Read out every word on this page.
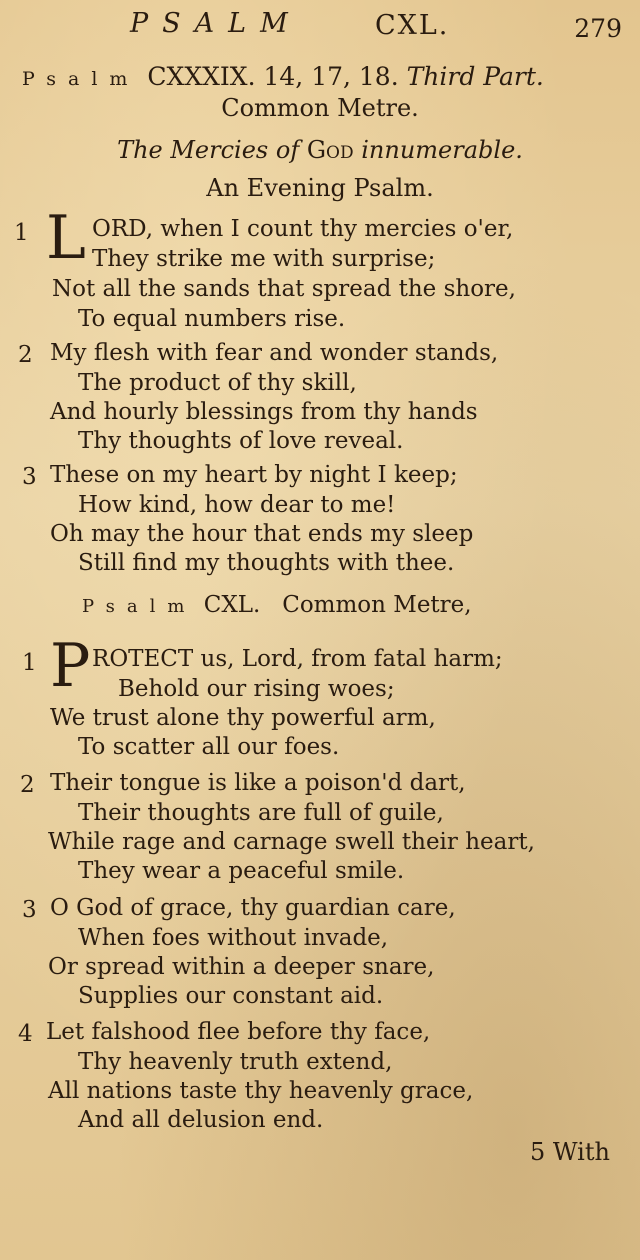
PSALM	CXL.	279
Psalm CXXXIX. 14, 17, 18. Third Part.
Common Metre.
The Mercies of God innumerable.
An Evening Psalm.
1 L ORD, when I count thy mercies o'er,
They strike me with surprise;
Not all the sands that spread the shore,
To equal numbers rise.
2 My flesh with fear and wonder stands,
The product of thy skill,
And hourly blessings from thy hands
Thy thoughts of love reveal.
3 These on my heart by night I keep;
How kind, how dear to me!
Oh may the hour that ends my sleep
Still find my thoughts with thee.
Psalm CXL. Common Metre,
1 P ROTECT us, Lord, from fatal harm;
Behold our rising woes;
We trust alone thy powerful arm,
To scatter all our foes.
2 Their tongue is like a poison'd dart,
Their thoughts are full of guile,
While rage and carnage swell their heart,
They wear a peaceful smile.
3 O God of grace, thy guardian care,
When foes without invade,
Or spread within a deeper snare,
Supplies our constant aid.
4 Let falshood flee before thy face,
Thy heavenly truth extend,
All nations taste thy heavenly grace,
And all delusion end.
5 With
